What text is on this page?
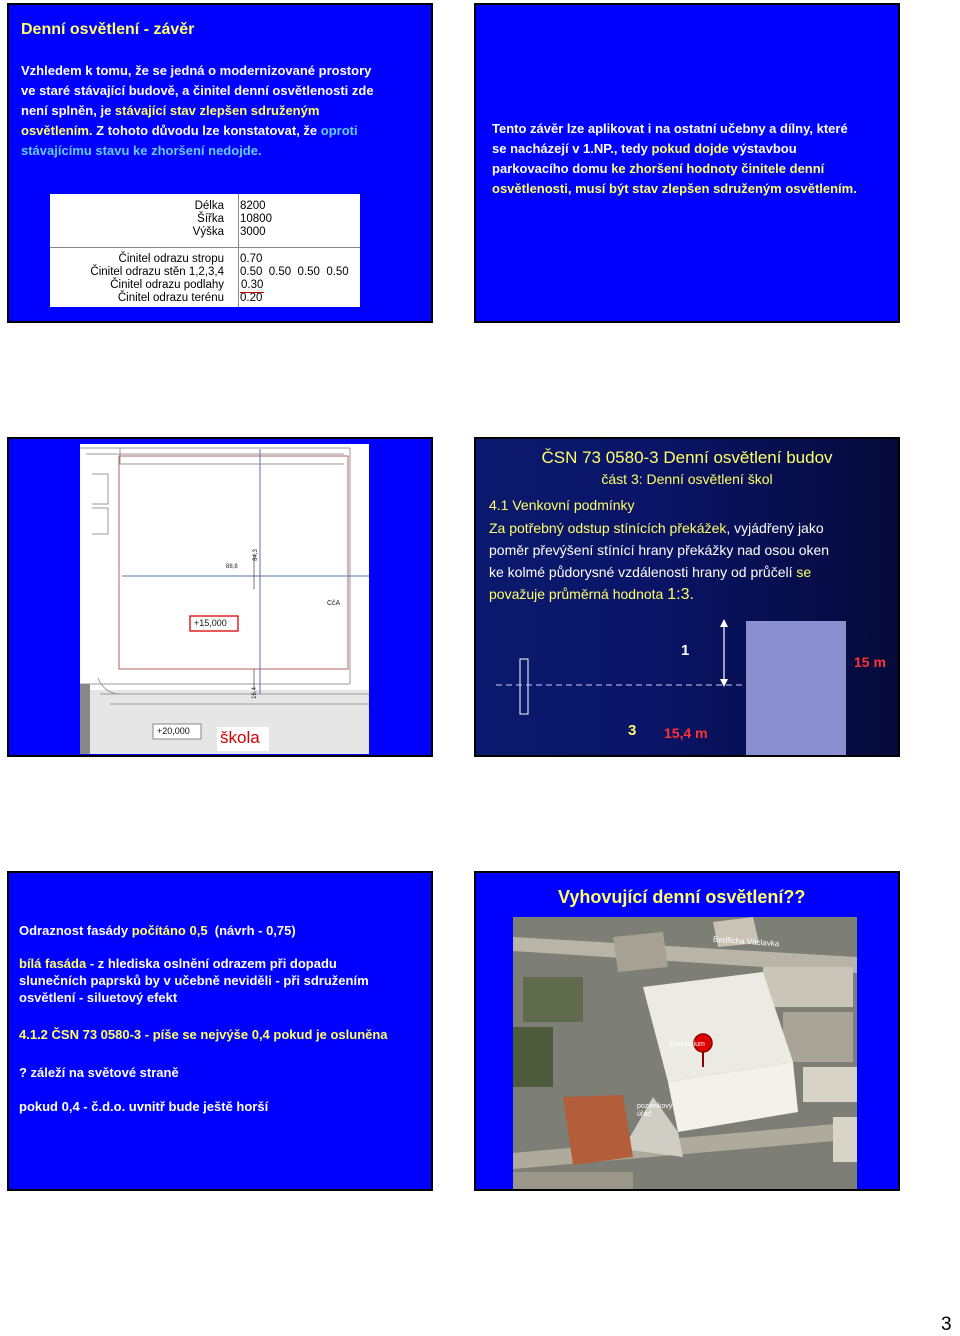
Denní osvětlení - závěr
Vzhledem k tomu, že se jedná o modernizované prostory
ve staré stávající budově, a činitel denní osvětlenosti zde
není splněn, je stávající stav zlepšen sdruženým
osvětlením. Z tohoto důvodu lze konstatovat, že oproti
stávajícímu stavu ke zhoršení nedojde.
Délka
Šířka
Výška
8200
10800
3000
Činitel odrazu stropu
Činitel odrazu stěn 1,2,3,4
Činitel odrazu podlahy
Činitel odrazu terénu
0.70
0.50  0.50  0.50  0.50
0.30
0.20
Tento závěr lze aplikovat i na ostatní učebny a dílny, které
se nacházejí v 1.NP., tedy pokud dojde výstavbou
parkovacího domu ke zhoršení hodnoty činitele denní
osvětlenosti, musí být stav zlepšen sdruženým osvětlením.
88,8
84,3
16,4
CčA
+15,000
+20,000 škola
ČSN 73 0580-3 Denní osvětlení budov
část 3: Denní osvětlení škol
4.1 Venkovní podmínky
Za potřebný odstup stínících překážek, vyjádřený jako
poměr převýšení stínící hrany překážky nad osou oken
ke kolmé půdorysné vzdálenosti hrany od průčelí se
považuje průměrná hodnota 1:3.
1
15 m
3 15,4 m
Odraznost fasády počítáno 0,5  (návrh - 0,75)
bílá fasáda - z hlediska oslnění odrazem při dopadu
slunečních paprsků by v učebně neviděli - při sdružením
osvětlení - siluetový efekt
4.1.2 ČSN 73 0580-3 - píše se nejvýše 0,4 pokud je osluněna
? záleží na světové straně
pokud 0,4 - č.d.o. uvnitř bude ještě horší
Vyhovující denní osvětlení??
Bedřicha Václavka
gymnázium
pozemkový úřad
3
